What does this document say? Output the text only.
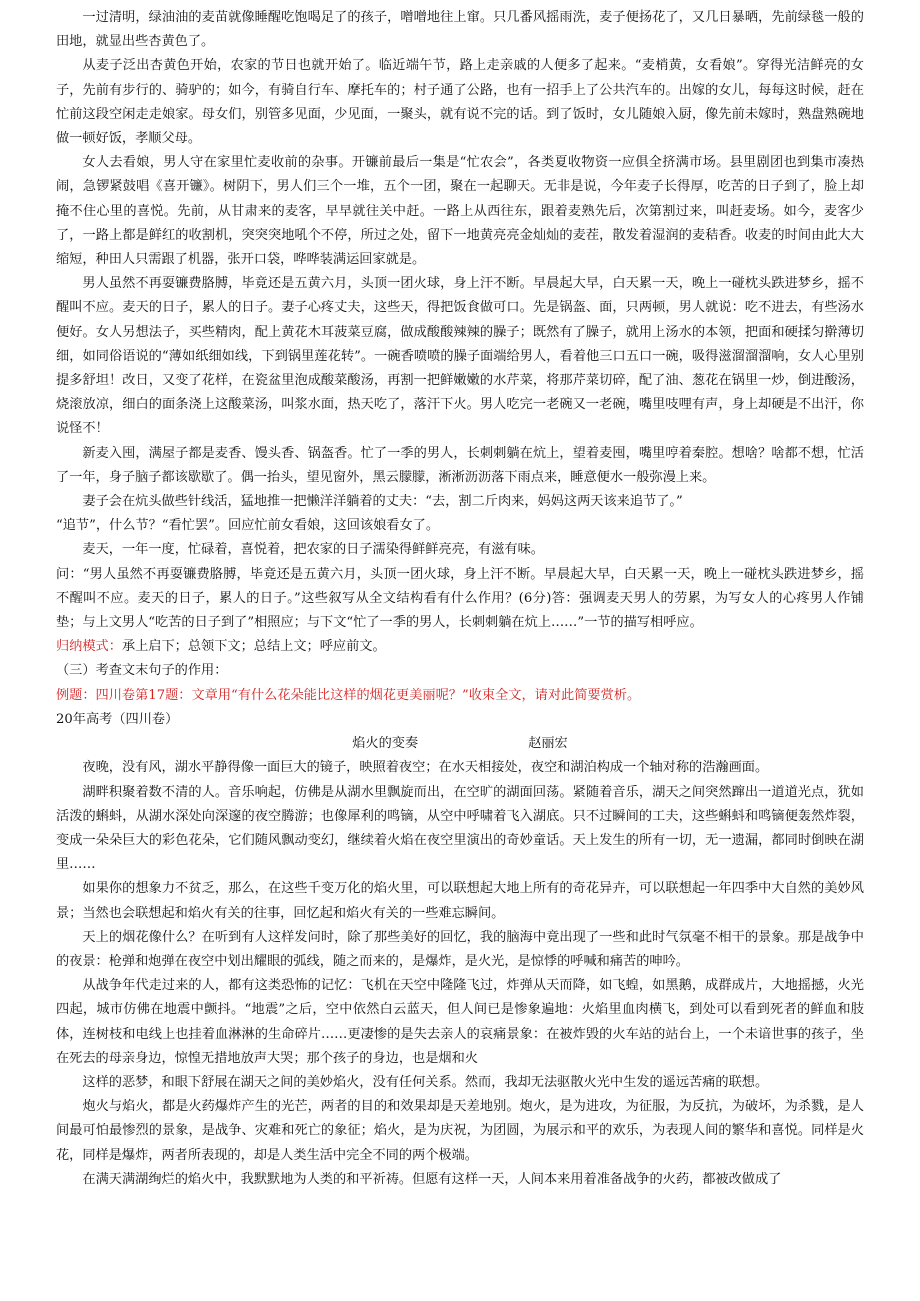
一过清明，绿油油的麦苗就像睡醒吃饱喝足了的孩子，噌噌地往上窜。只几番风摇雨洗，麦子便扬花了，又几日暴晒，先前绿毯一般的田地，就显出些杏黄色了。

从麦子泛出杏黄色开始，农家的节日也就开始了。临近端午节，路上走亲戚的人便多了起来。“麦梢黄，女看娘”。穿得光洁鲜亮的女子，先前有步行的、骑驴的；如今，有骑自行车、摩托车的；村子通了公路，也有一招手上了公共汽车的。出嫁的女儿，每每这时候，赶在忙前这段空闲走走娘家。母女们，别管多见面，少见面，一聚头，就有说不完的话。到了饭时，女儿随娘入厨，像先前未嫁时，熟盘熟碗地做一顿好饭，孝顺父母。

女人去看娘，男人守在家里忙麦收前的杂事。开镰前最后一集是“忙农会”，各类夏收物资一应俱全挤满市场。县里剧团也到集市凑热闹，急锣紧鼓唱《喜开镰》。树阴下，男人们三个一堆，五个一团，聚在一起聊天。无非是说，今年麦子长得厚，吃苦的日子到了，脸上却掩不住心里的喜悦。先前，从甘肃来的麦客，早早就往关中赶。一路上从西往东，跟着麦熟先后，次第割过来，叫赶麦场。如今，麦客少了，一路上都是鲜红的收割机，突突突地吼个不停，所过之处，留下一地黄亮亮金灿灿的麦茬，散发着湿润的麦秸香。收麦的时间由此大大缩短，种田人只需跟了机器，张开口袋，哗哗装满运回家就是。

男人虽然不再耍镰费胳膊，毕竟还是五黄六月，头顶一团火球，身上汗不断。早晨起大早，白天累一天，晚上一碰枕头跌进梦乡，摇不醒叫不应。麦天的日子，累人的日子。妻子心疼丈夫，这些天，得把饭食做可口。先是锅盔、面，只两顿，男人就说：吃不进去，有些汤水便好。女人另想法子，买些精肉，配上黄花木耳菠菜豆腐，做成酸酸辣辣的臊子；既然有了臊子，就用上汤水的本领，把面和硬揉匀擀薄切细，如同俗语说的“薄如纸细如线，下到锅里莲花转”。一碗香喷喷的臊子面端给男人，看着他三口五口一碗，吸得滋溜溜溜响，女人心里别提多舒坦！改日，又变了花样，在瓷盆里泡成酸菜酸汤，再割一把鲜嫩嫩的水芹菜，将那芹菜切碎，配了油、葱花在锅里一炒，倒进酸汤，烧滚放凉，细白的面条浇上这酸菜汤，叫浆水面，热天吃了，落汗下火。男人吃完一老碗又一老碗，嘴里吱哩有声，身上却硬是不出汗，你说怪不！

新麦入囤，满屋子都是麦香、馒头香、锅盔香。忙了一季的男人，长刺刺躺在炕上，望着麦囤，嘴里哼着秦腔。想啥？啥都不想，忙活了一年，身子脑子都该歇歇了。偶一抬头，望见窗外，黑云朦朦，淅淅沥沥落下雨点来，睡意便水一般弥漫上来。

妻子会在炕头做些针线活，猛地推一把懒洋洋躺着的丈夫：“去，割二斤肉来，妈妈这两天该来追节了。”

“追节”，什么节？“看忙罢”。回应忙前女看娘，这回该娘看女了。

麦天，一年一度，忙碌着，喜悦着，把农家的日子濡染得鲜鲜亮亮，有滋有味。

问：“男人虽然不再耍镰费胳膊，毕竟还是五黄六月，头顶一团火球，身上汗不断。早晨起大早，白天累一天，晚上一碰枕头跌进梦乡，摇不醒叫不应。麦天的日子，累人的日子。”这些叙写从全文结构看有什么作用？(6分)答：强调麦天男人的劳累，为写女人的心疼男人作铺垫；与上文男人“吃苦的日子到了”相照应；与下文“忙了一季的男人，长刺刺躺在炕上……”一节的描写相呼应。

归纳模式：承上启下；总领下文；总结上文；呼应前文。

（三）考查文末句子的作用：

例题：四川卷第17题：文章用“有什么花朵能比这样的烟花更美丽呢？”收束全文，请对此简要赏析。

20年高考（四川卷）

焰火的变奏	赵丽宏

夜晚，没有风，湖水平静得像一面巨大的镜子，映照着夜空；在水天相接处，夜空和湖泊构成一个轴对称的浩瀚画面。

湖畔积聚着数不清的人。音乐响起，仿佛是从湖水里飘旋而出，在空旷的湖面回荡。紧随着音乐，湖天之间突然蹿出一道道光点，犹如活泼的蝌蚪，从湖水深处向深邃的夜空腾游；也像犀利的鸣镝，从空中呼啸着飞入湖底。只不过瞬间的工夫，这些蝌蚪和鸣镝便轰然炸裂，变成一朵朵巨大的彩色花朵，它们随风飘动变幻，继续着火焰在夜空里演出的奇妙童话。天上发生的所有一切，无一遗漏，都同时倒映在湖里……

如果你的想象力不贫乏，那么，在这些千变万化的焰火里，可以联想起大地上所有的奇花异卉，可以联想起一年四季中大自然的美妙风景；当然也会联想起和焰火有关的往事，回忆起和焰火有关的一些难忘瞬间。

天上的烟花像什么？在听到有人这样发问时，除了那些美好的回忆，我的脑海中竟出现了一些和此时气氛毫不相干的景象。那是战争中的夜景：枪弹和炮弹在夜空中划出耀眼的弧线，随之而来的，是爆炸，是火光，是惊悸的呼喊和痛苦的呻吟。

从战争年代走过来的人，都有这类恐怖的记忆：飞机在天空中隆隆飞过，炸弹从天而降，如飞蝗，如黑鹅，成群成片，大地摇撼，火光四起，城市仿佛在地震中颤抖。“地震”之后，空中依然白云蓝天，但人间已是惨象遍地：火焰里血肉横飞，到处可以看到死者的鲜血和肢体，连树枝和电线上也挂着血淋淋的生命碎片……更凄惨的是失去亲人的哀痛景象：在被炸毁的火车站的站台上，一个未谙世事的孩子，坐在死去的母亲身边，惊惶无措地放声大哭；那个孩子的身边，也是烟和火

这样的恶梦，和眼下舒展在湖天之间的美妙焰火，没有任何关系。然而，我却无法驱散火光中生发的遥远苦痛的联想。

炮火与焰火，都是火药爆炸产生的光芒，两者的目的和效果却是天差地别。炮火，是为进攻，为征服，为反抗，为破坏，为杀戮，是人间最可怕最惨烈的景象，是战争、灾难和死亡的象征；焰火，是为庆祝，为团圆，为展示和平的欢乐，为表现人间的繁华和喜悦。同样是火花，同样是爆炸，两者所表现的，却是人类生活中完全不同的两个极端。

在满天满湖绚烂的焰火中，我默默地为人类的和平祈祷。但愿有这样一天，人间本来用着准备战争的火药，都被改做成了
